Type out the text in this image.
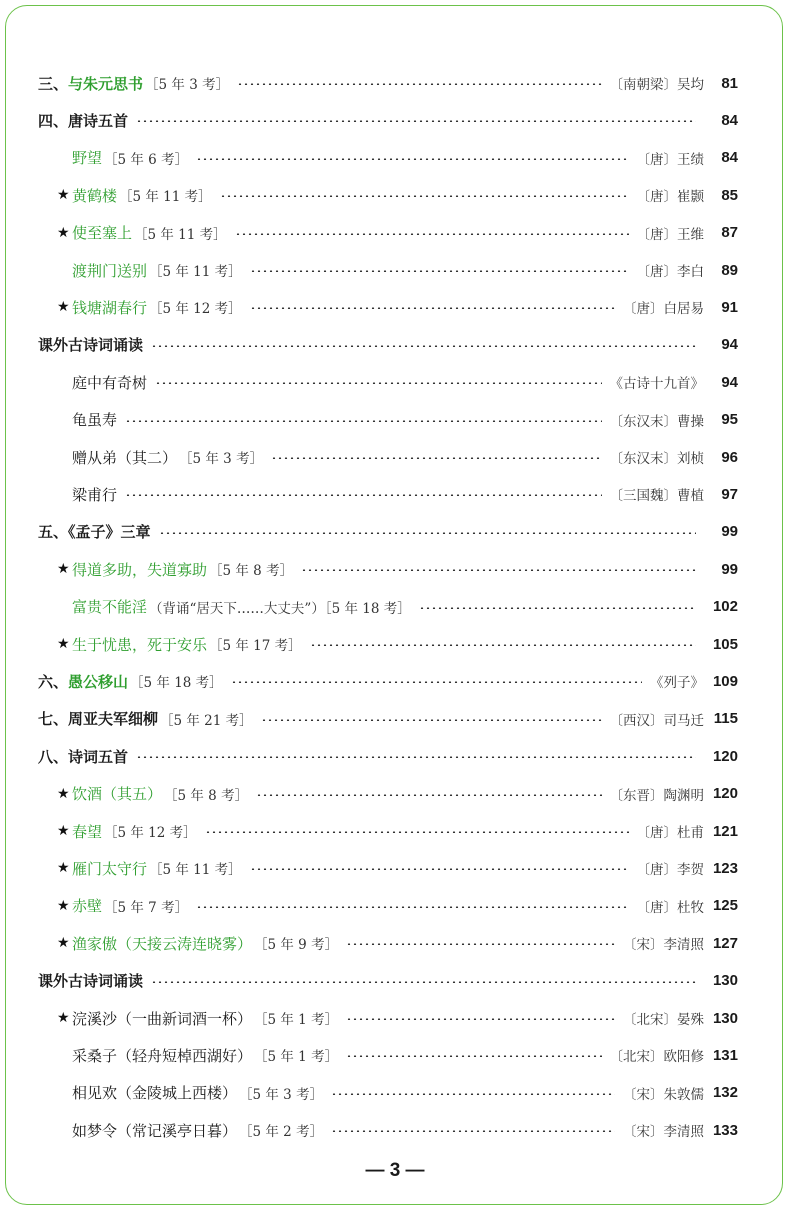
三、 与朱元思书 ［5 年 3 考］	〔南朝梁〕吴均	81
四、唐诗五首	84
野望 ［5 年 6 考］	〔唐〕王绩	84
★ 黄鹤楼 ［5 年 11 考］	〔唐〕崔颢	85
★ 使至塞上 ［5 年 11 考］	〔唐〕王维	87
渡荆门送别 ［5 年 11 考］	〔唐〕李白	89
★ 钱塘湖春行 ［5 年 12 考］	〔唐〕白居易	91
课外古诗词诵读	94
庭中有奇树	《古诗十九首》	94
龟虽寿	〔东汉末〕曹操	95
赠从弟（其二） ［5 年 3 考］	〔东汉末〕刘桢	96
梁甫行	〔三国魏〕曹植	97
五、《孟子》三章	99
★ 得道多助，失道寡助 ［5 年 8 考］	99
富贵不能淫 （背诵“居天下……大丈夫”）［5 年 18 考］	102
★ 生于忧患，死于安乐 ［5 年 17 考］	105
六、 愚公移山 ［5 年 18 考］	《列子》 109
七、周亚夫军细柳 ［5 年 21 考］	〔西汉〕司马迁 115
八、诗词五首	120
★ 饮酒（其五） ［5 年 8 考］	〔东晋〕陶渊明 120
★ 春望 ［5 年 12 考］	〔唐〕杜甫 121
★ 雁门太守行 ［5 年 11 考］	〔唐〕李贺 123
★ 赤壁 ［5 年 7 考］	〔唐〕杜牧 125
★ 渔家傲（天接云涛连晓雾） ［5 年 9 考］	〔宋〕李清照 127
课外古诗词诵读	130
★ 浣溪沙（一曲新词酒一杯） ［5 年 1 考］	〔北宋〕晏殊 130
采桑子（轻舟短棹西湖好） ［5 年 1 考］	〔北宋〕欧阳修 131
相见欢（金陵城上西楼） ［5 年 3 考］	〔宋〕朱敦儒 132
如梦令（常记溪亭日暮） ［5 年 2 考］	〔宋〕李清照 133
— 3 —
